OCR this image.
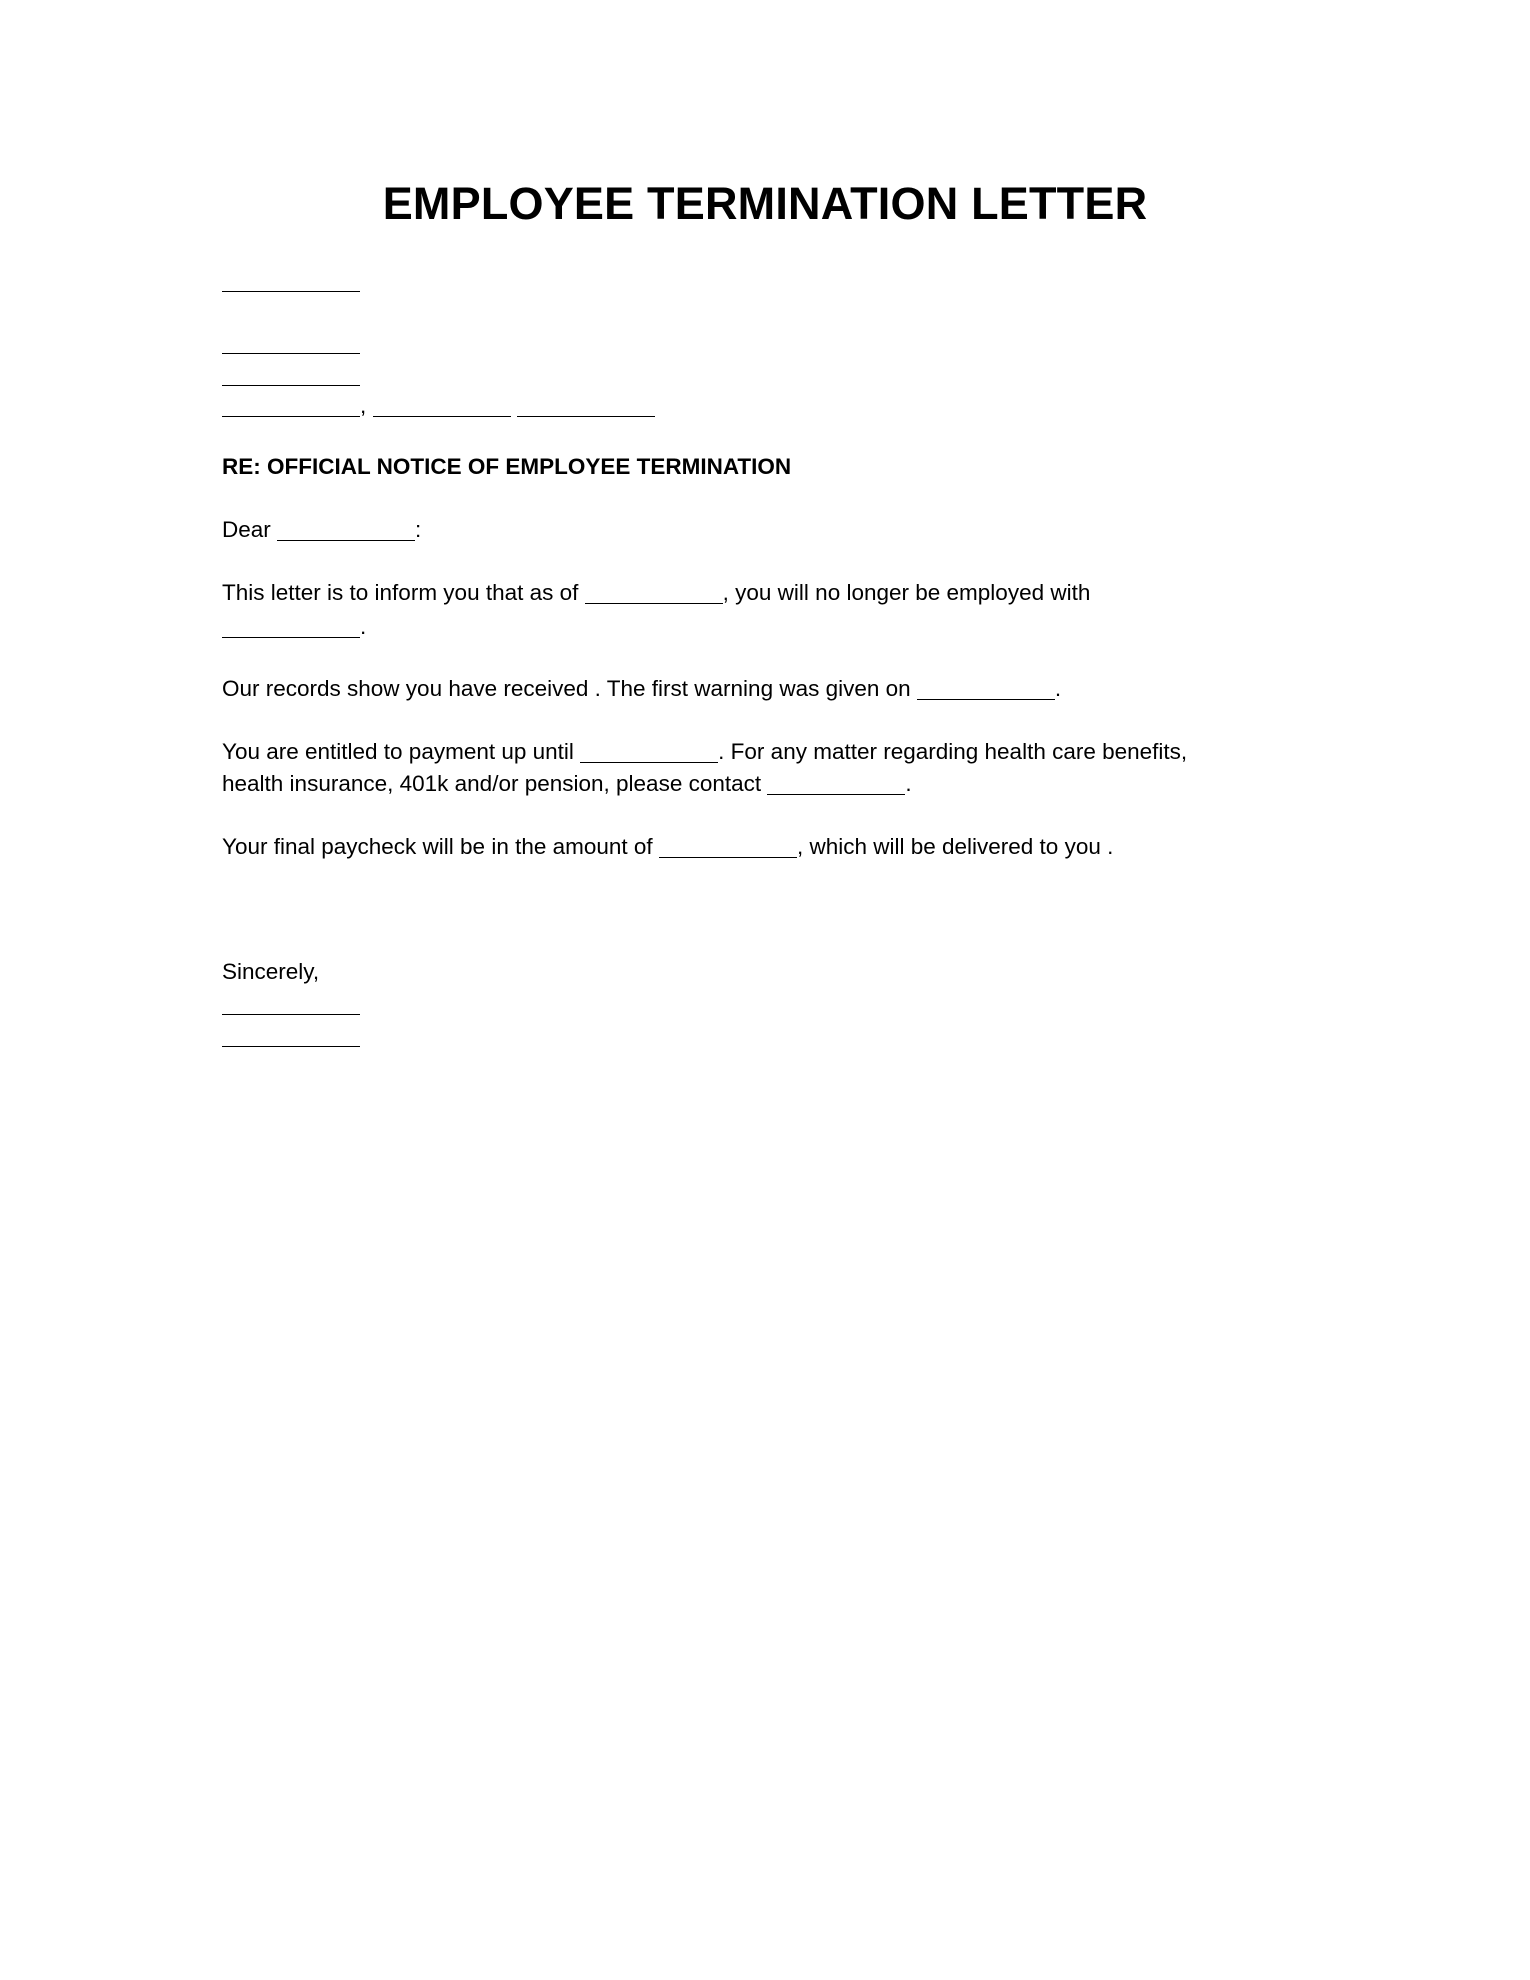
EMPLOYEE TERMINATION LETTER
,
RE: OFFICIAL NOTICE OF EMPLOYEE TERMINATION
Dear	:
This letter is to inform you that as of	, you will no longer be employed with
.
Our records show you have received . The first warning was given on	.
You are entitled to payment up until	. For any matter regarding health care benefits,
health insurance, 401k and/or pension, please contact	.
Your final paycheck will be in the amount of	, which will be delivered to you .
Sincerely,
